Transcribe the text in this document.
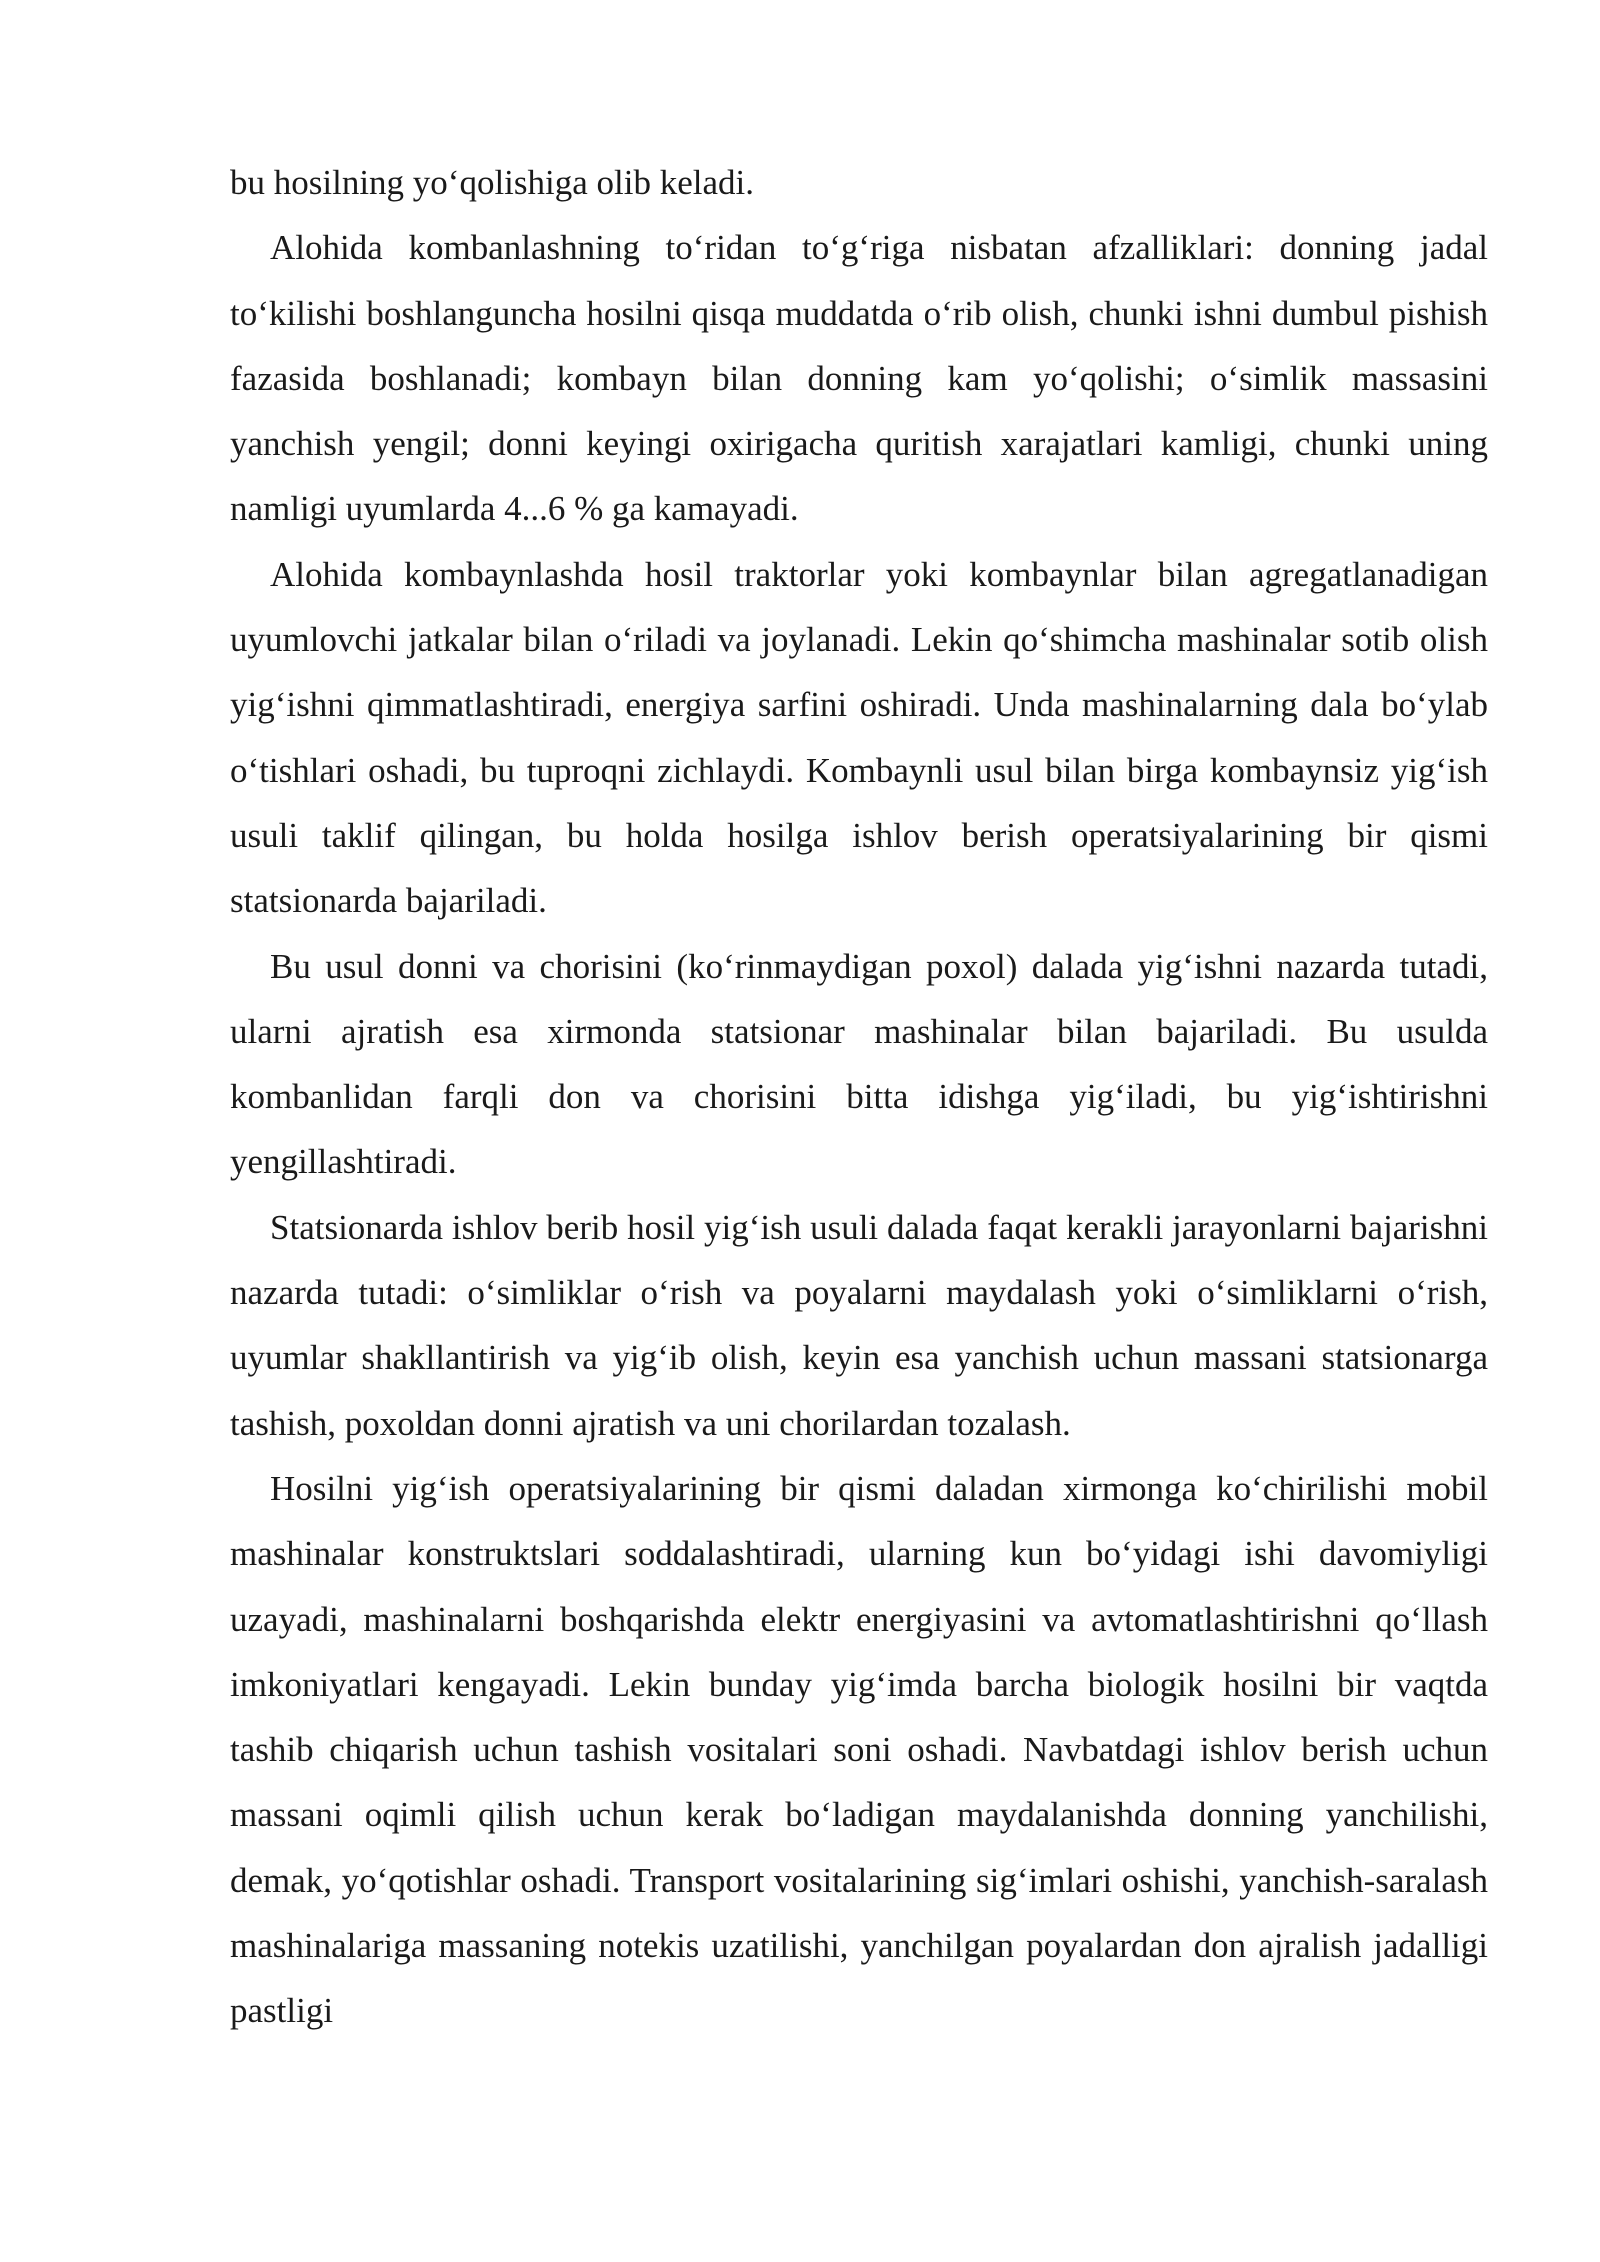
bu hosilning yo‘qolishiga olib keladi.

Alohida kombanlashning to‘ridan to‘g‘riga nisbatan afzalliklari: donning jadal to‘kilishi boshlanguncha hosilni qisqa muddatda o‘rib olish, chunki ishni dumbul pishish fazasida boshlanadi; kombayn bilan donning kam yo‘qolishi; o‘simlik massasini yanchish yengil; donni keyingi oxirigacha quritish xarajatlari kamligi, chunki uning namligi uyumlarda 4...6 % ga kamayadi.

Alohida kombaynlashda hosil traktorlar yoki kombaynlar bilan agregatlanadigan uyumlovchi jatkalar bilan o‘riladi va joylanadi. Lekin qo‘shimcha mashinalar sotib olish yig‘ishni qimmatlashtiradi, energiya sarfini oshiradi. Unda mashinalarning dala bo‘ylab o‘tishlari oshadi, bu tuproqni zichlaydi. Kombaynli usul bilan birga kombaynsiz yig‘ish usuli taklif qilingan, bu holda hosilga ishlov berish operatsiyalarining bir qismi statsionarda bajariladi.

Bu usul donni va chorisini (ko‘rinmaydigan poxol) dalada yig‘ishni nazarda tutadi, ularni ajratish esa xirmonda statsionar mashinalar bilan bajariladi. Bu usulda kombanlidan farqli don va chorisini bitta idishga yig‘iladi, bu yig‘ishtirishni yengillashtiradi.

Statsionarda ishlov berib hosil yig‘ish usuli dalada faqat kerakli jarayonlarni bajarishni nazarda tutadi: o‘simliklar o‘rish va poyalarni maydalash yoki o‘simliklarni o‘rish, uyumlar shakllantirish va yig‘ib olish, keyin esa yanchish uchun massani statsionarga tashish, poxoldan donni ajratish va uni chorilardan tozalash.

Hosilni yig‘ish operatsiyalarining bir qismi daladan xirmonga ko‘chirilishi mobil mashinalar konstruktslari soddalashtiradi, ularning kun bo‘yidagi ishi davomiyligi uzayadi, mashinalarni boshqarishda elektr energiyasini va avtomatlashtirishni qo‘llash imkoniyatlari kengayadi. Lekin bunday yig‘imda barcha biologik hosilni bir vaqtda tashib chiqarish uchun tashish vositalari soni oshadi. Navbatdagi ishlov berish uchun massani oqimli qilish uchun kerak bo‘ladigan maydalanishda donning yanchilishi, demak, yo‘qotishlar oshadi. Transport vositalarining sig‘imlari oshishi, yanchish-saralash mashinalariga massaning notekis uzatilishi, yanchilgan poyalardan don ajralish jadalligi pastligi
